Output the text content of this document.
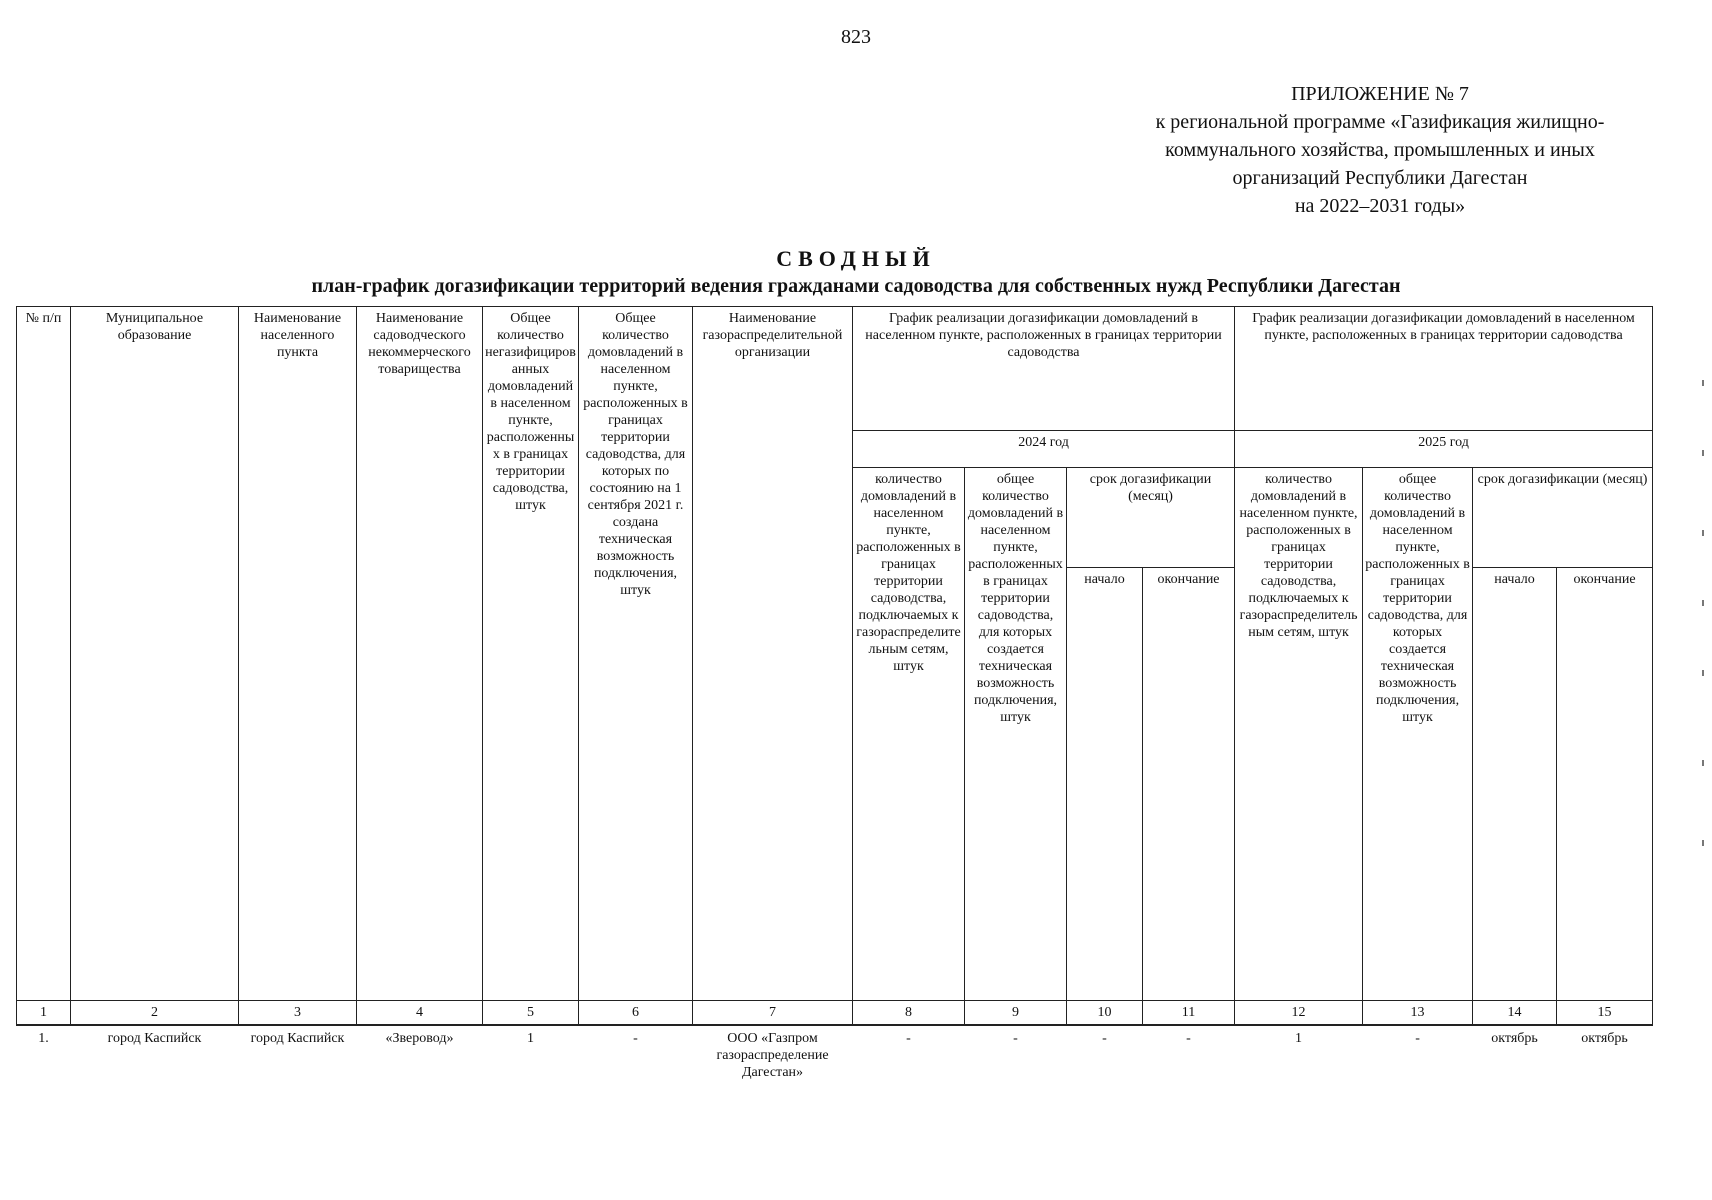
823
ПРИЛОЖЕНИЕ № 7
к региональной программе «Газификация жилищно-
коммунального хозяйства, промышленных и иных
организаций Республики Дагестан
на 2022–2031 годы»
СВОДНЫЙ
план-график догазификации территорий ведения гражданами садоводства для собственных нужд Республики Дагестан
№ п/п	Муниципальное образование	Наименование населенного пункта	Наименование садоводческого некоммерческого товарищества	Общее количество негазифицированных домовладений в населенном пункте, расположенных в границах территории садоводства, штук	Общее количество домовладений в населенном пункте, расположенных в границах территории садоводства, для которых по состоянию на 1 сентября 2021 г. создана техническая возможность подключения, штук	Наименование газораспределительной организации	График реализации догазификации домовладений в населенном пункте, расположенных в границах территории садоводства				График реализации догазификации домовладений в населенном пункте, расположенных в границах территории садоводства			
							2024 год				2025 год			
							количество домовладений в населенном пункте, расположенных в границах территории садоводства, подключаемых к газораспределительным сетям, штук	общее количество домовладений в населенном пункте, расположенных в границах территории садоводства, для которых создается техническая возможность подключения, штук	срок догазификации (месяц)		количество домовладений в населенном пункте, расположенных в границах территории садоводства, подключаемых к газораспределительным сетям, штук	общее количество домовладений в населенном пункте, расположенных в границах территории садоводства, для которых создается техническая возможность подключения, штук	срок догазификации (месяц)	
									начало	окончание			начало	окончание
1	2	3	4	5	6	7	8	9	10	11	12	13	14	15
1.	город Каспийск	город Каспийск	«Зверовод»	1	-	ООО «Газпром газораспределение Дагестан»	-	-	-	-	1	-	октябрь	октябрь
